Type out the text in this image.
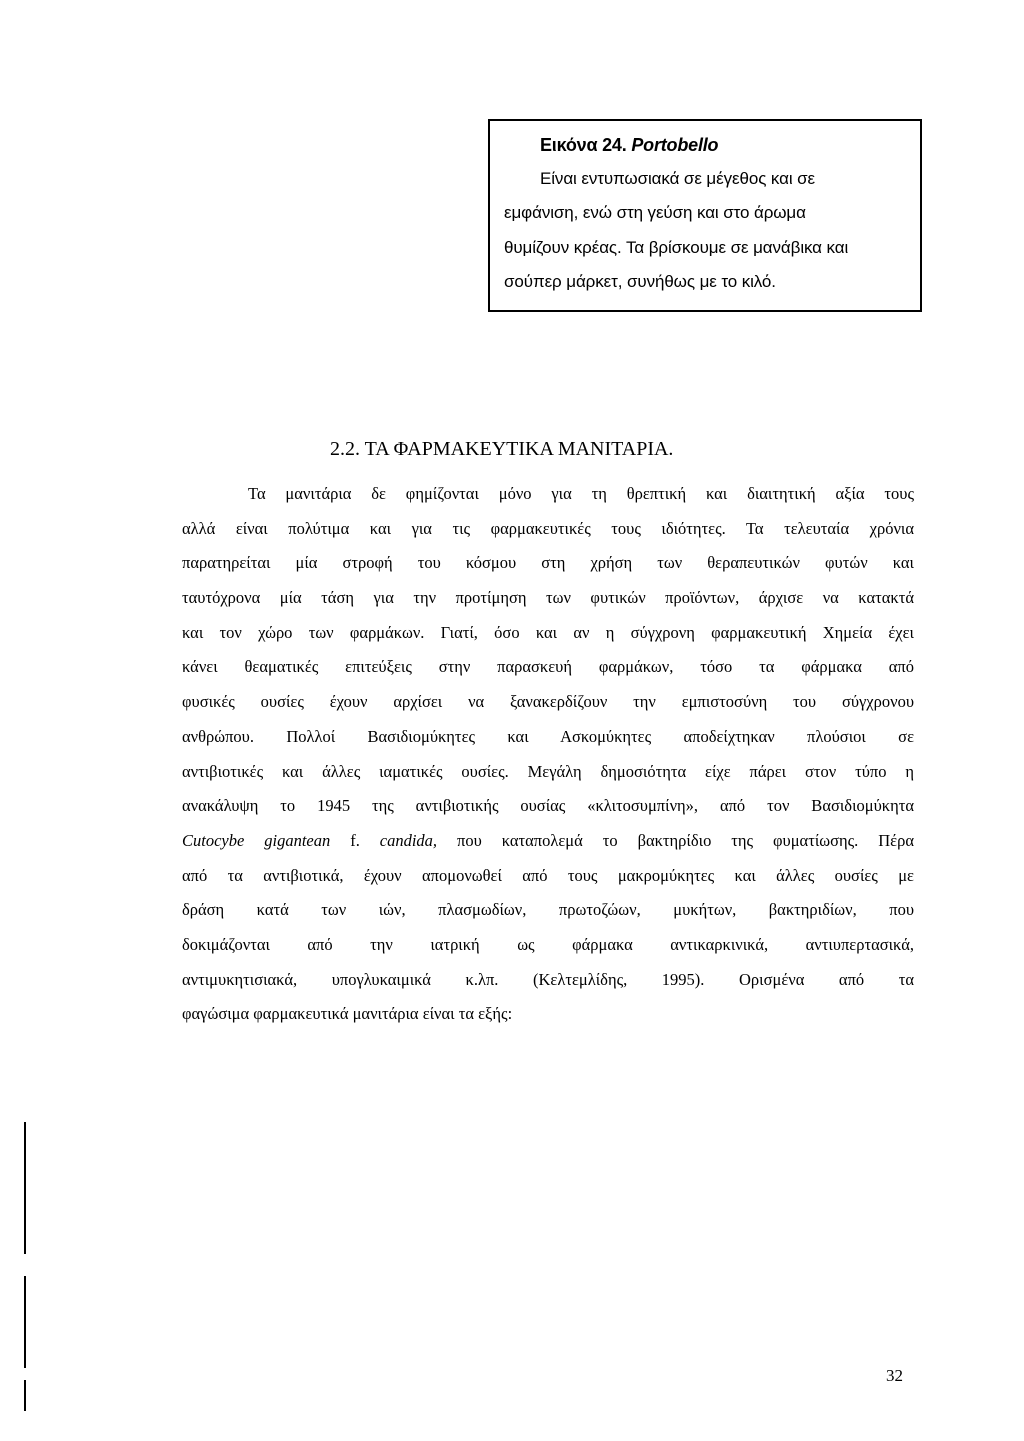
Εικόνα 24. Portobello
Είναι εντυπωσιακά σε μέγεθος και σε
εμφάνιση, ενώ στη γεύση και στο άρωμα
θυμίζουν κρέας. Τα βρίσκουμε σε μανάβικα και
σούπερ μάρκετ, συνήθως με το κιλό.
2.2. ΤΑ ΦΑΡΜΑΚΕΥΤΙΚΑ ΜΑΝΙΤΑΡΙΑ.
Τα μανιτάρια δε φημίζονται μόνο για τη θρεπτική και διαιτητική αξία τους
αλλά είναι πολύτιμα και για τις φαρμακευτικές τους ιδιότητες. Τα τελευταία χρόνια
παρατηρείται μία στροφή του κόσμου στη χρήση των θεραπευτικών φυτών και
ταυτόχρονα μία τάση για την προτίμηση των φυτικών προϊόντων, άρχισε να κατακτά
και τον χώρο των φαρμάκων. Γιατί, όσο και αν η σύγχρονη φαρμακευτική Χημεία έχει
κάνει θεαματικές επιτεύξεις στην παρασκευή φαρμάκων, τόσο τα φάρμακα από
φυσικές ουσίες έχουν αρχίσει να ξανακερδίζουν την εμπιστοσύνη του σύγχρονου
ανθρώπου. Πολλοί Βασιδιομύκητες και Ασκομύκητες αποδείχτηκαν πλούσιοι σε
αντιβιοτικές και άλλες ιαματικές ουσίες. Μεγάλη δημοσιότητα είχε πάρει στον τύπο η
ανακάλυψη το 1945 της αντιβιοτικής ουσίας «κλιτοσυμπίνη», από τον Βασιδιομύκητα
Cutocybe gigantean f. candida, που καταπολεμά το βακτηρίδιο της φυματίωσης. Πέρα
από τα αντιβιοτικά, έχουν απομονωθεί από τους μακρομύκητες και άλλες ουσίες με
δράση κατά των ιών, πλασμωδίων, πρωτοζώων, μυκήτων, βακτηριδίων, που
δοκιμάζονται από την ιατρική ως φάρμακα αντικαρκινικά, αντιυπερτασικά,
αντιμυκητισιακά, υπογλυκαιμικά κ.λπ. (Κελτεμλίδης, 1995). Ορισμένα από τα
φαγώσιμα φαρμακευτικά μανιτάρια είναι τα εξής:
32
